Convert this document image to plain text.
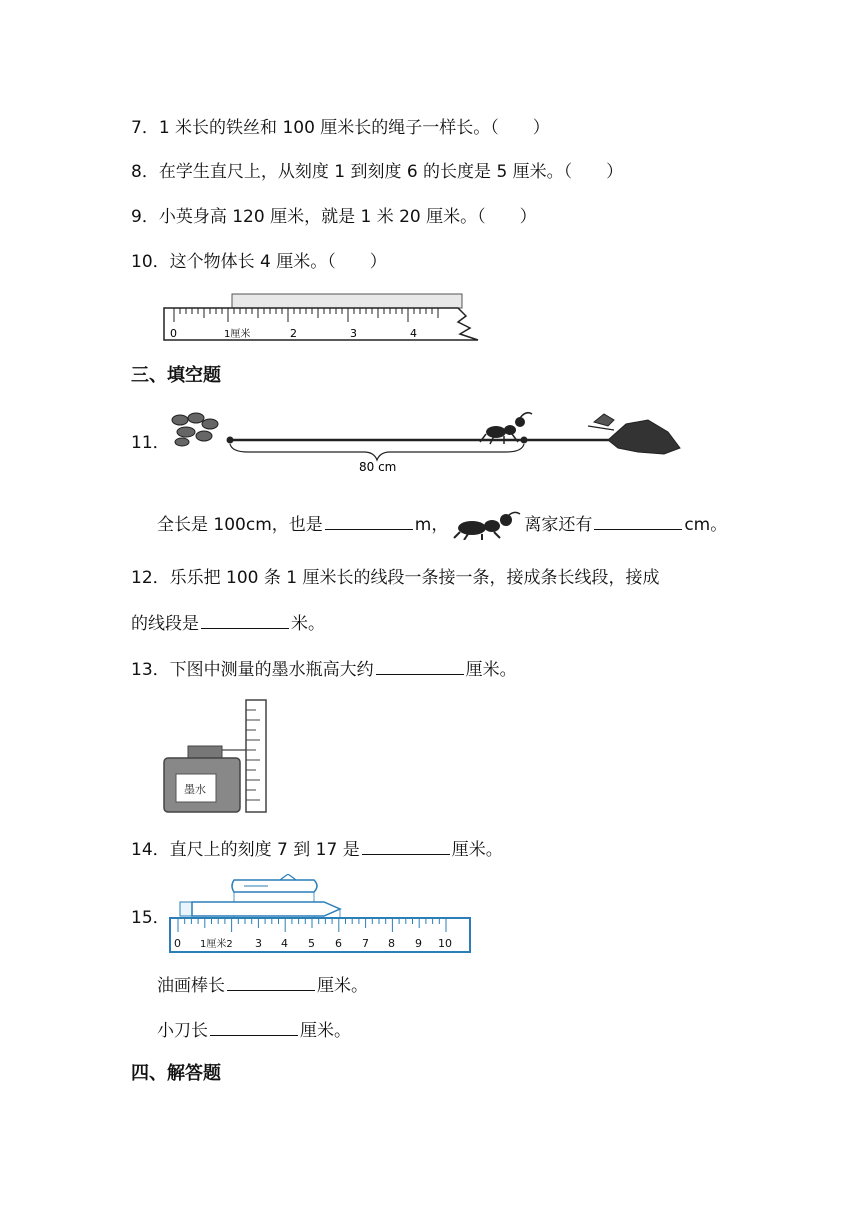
7．1 米长的铁丝和 100 厘米长的绳子一样长。（　　）
8．在学生直尺上，从刻度 1 到刻度 6 的长度是 5 厘米。（　　）
9．小英身高 120 厘米，就是 1 米 20 厘米。（　　）
10．这个物体长 4 厘米。（　　）
0	1厘米	2	3	4
三、填空题
11．
80 cm
全长是 100cm，也是	m，	离家还有	cm。
12．乐乐把 100 条 1 厘米长的线段一条接一条，接成条长线段，接成
的线段是	米。
13．下图中测量的墨水瓶高大约	厘米。
墨水
14．直尺上的刻度 7 到 17 是	厘米。
15．
0 1厘米2 3 4 5 6 7 8 9 10
油画棒长	厘米。
小刀长	厘米。
四、解答题
